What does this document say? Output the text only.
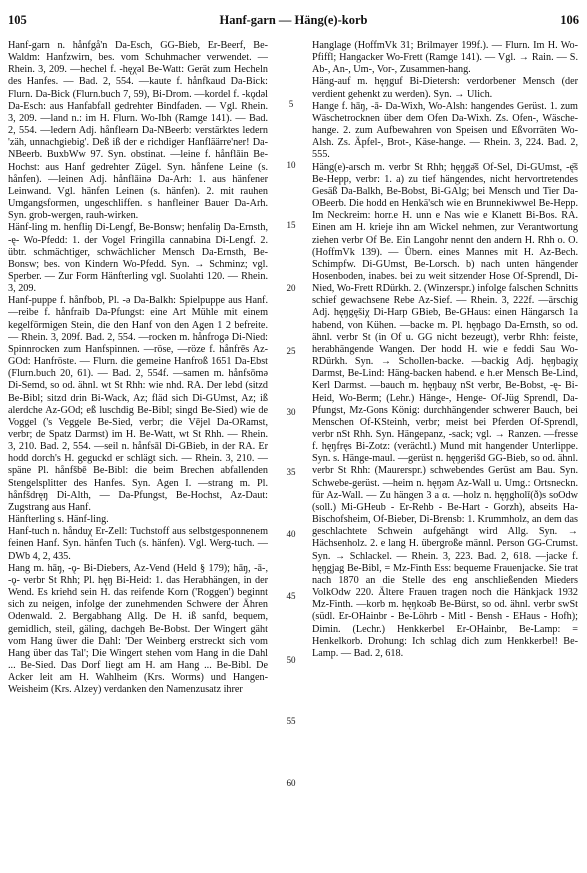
105	Hanf-garn — Häng(e)-korb	106

Hanf-garn n. hånfgå'n Da-Esch, GG-Bieb, Er-Beerf, Be-Waldm: Hanfzwirn, bes. vom Schuhmacher verwendet. — Rhein. 3, 209. —hechel f. -hęχəl Be-Watt: Gerät zum Hecheln des Hanfes. — Bad. 2, 554. —kaute f. hånfkaud Da-Bick: Flurn. Da-Bick (Flurn.buch 7, 59), Bi-Drom. —kordel f. -kǫdəl Da-Esch: aus Hanfabfall gedrehter Bindfaden. — Vgl. Rhein. 3, 209. —land n.: im H. Flurn. Wo-Ibh (Ramge 141). — Bad. 2, 554. —ledern Adj. hånfleərn Da-NBeerb: verstärktes ledern 'zäh, unnachgiebig'. Deß iß der e richdiger Hanfläärre'ner! Da-NBeerb. BuxbWw 97. Syn. obstinat. —leine f. hånflāin Be-Hochst: aus Hanf gedrehter Zügel. Syn. hånfene Leine (s. hånfen). —leinen Adj. hånflāinə Da-Arh: 1. aus hänfener Leinwand. Vgl. hänfen Leinen (s. hänfen). 2. mit rauhen Umgangsformen, ungeschliffen. s hanfleiner Bauer Da-Arh. Syn. grob-wergen, rauh-wirken.

Hänf-ling m. henfliŋ Di-Lengf, Be-Bonsw; henfəliŋ Da-Ernsth, -ę- Wo-Pfedd: 1. der Vogel Fringilla cannabina Di-Lengf. 2. übtr. schmächtiger, schwächlicher Mensch Da-Ernsth, Be-Bonsw; bes. von Kindern Wo-Pfedd. Syn. → Schminz; vgl. Sperber. — Zur Form Hänfterling vgl. Suolahti 120. — Rhein. 3, 209.

Hanf-puppe f. hånfbob, Pl. -ə Da-Balkh: Spielpuppe aus Hanf. —reibe f. hånfraib Da-Pfungst: eine Art Mühle mit einem kegelförmigen Stein, die den Hanf von den Agen 1 2 befreite. — Rhein. 3, 209f. Bad. 2, 554. —rocken m. hånfrogə Di-Nied: Spinnrocken zum Hanfspinnen. —röse, —röze f. hånfrēs Az-GOd: Hanfröste. — Flurn. die gemeine Hanfroß 1651 Da-Ebst (Flurn.buch 20, 61). — Bad. 2, 554f. —samen m. hånfsōmə Di-Semd, so od. ähnl. wt St Rhh: wie nhd. RA. Der lebd (sitzd Be-Bibl; sitzd drin Bi-Wack, Az; fläd sich Di-GUmst, Az; iß alerdche Az-GOd; eß luschdig Be-Bibl; singd Be-Sied) wie de Voggel ('s Veggele Be-Sied, verbr; die Vējel Da-ORamst, verbr; de Spatz Darmst) im H. Be-Watt, wt St Rhh. — Rhein. 3, 210. Bad. 2, 554. —seil n. hånfsāl Di-GBieb, in der RA. Er hodd dorch's H. geguckd er schlägt sich. — Rhein. 3, 210. —späne Pl. hånfšbē Be-Bibl: die beim Brechen abfallenden Stengelsplitter des Hanfes. Syn. Agen I. —strang m. Pl. hånfšdręŋ Di-Alth, — Da-Pfungst, Be-Hochst, Az-Daut: Zugstrang aus Hanf.

Hänfterling s. Hänf-ling.

Hanf-tuch n. hånduχ Er-Zell: Tuchstoff aus selbstgesponnenem feinen Hanf. Syn. hänfen Tuch (s. hänfen). Vgl. Werg-tuch. — DWb 4, 2, 435.

Hang m. hāŋ, -ǫ- Bi-Diebers, Az-Vend (Held § 179); hāŋ, -ā-, -ǫ- verbr St Rhh; Pl. hęŋ Bi-Heid: 1. das Herabhängen, in der Wend. Es kriehd sein H. das reifende Korn ('Roggen') beginnt sich zu neigen, infolge der zunehmenden Schwere der Ähren Odenwald. 2. Bergabhang Allg. De H. iß sanfd, bequem, gemidlich, steil, gäling, dachgeh Be-Bobst. Der Wingert gäht vom Hang üwer die Dahl: 'Der Weinberg erstreckt sich vom Hang über das Tal'; Die Wingert stehen vom Hang in die Dahl ... Be-Sied. Das Dorf liegt am H. am Hang ... Be-Bibl. De Acker leit am H. Wahlheim (Krs. Worms) und Hangen-Weisheim (Krs. Alzey) verdanken den Namenzusatz ihrer

5
10
15
20
25
30
35
40
45
50
55
60

Hanglage (HoffmVk 31; Brilmayer 199f.). — Flurn. Im H. Wo-Pfiffl; Hangacker Wo-Frett (Ramge 141). — Vgl. → Rain. — S. Ab-, An-, Um-, Vor-, Zusammen-hang.

Häng-auf m. hęŋguf Bi-Dietersh: verdorbener Mensch (der verdient gehenkt zu werden). Syn. → Ulich.

Hange f. hāŋ, -ā- Da-Wixh, Wo-Alsh: hangendes Gerüst. 1. zum Wäschetrocknen über dem Ofen Da-Wixh. Zs. Ofen-, Wäsche-hange. 2. zum Aufbewahren von Speisen und Eßvorräten Wo-Alsh. Zs. Äpfel-, Brot-, Käse-hange. — Rhein. 3, 224. Bad. 2, 555.

Häng(e)-arsch m. verbr St Rhh; hęŋgə̄š Of-Sel, Di-GUmst, -ę̄š Be-Hepp, verbr: 1. a) zu tief hängendes, nicht hervortretendes Gesäß Da-Balkh, Be-Bobst, Bi-GAlg; bei Mensch und Tier Da-OBeerb. Die hodd en Henkä'sch wie en Brunnekiwwel Be-Hepp. Im Neckreim: horr.e H. unn e Nas wie e Klanett Bi-Bos. RA. Einen am H. krieje ihn am Wickel nehmen, zur Verantwortung ziehen verbr Of Be. Ein Langohr nennt den andern H. Rhh o. O. (HoffmVk 139). — Übern. eines Mannes mit H. Az-Bech. Schimpfw. Di-GUmst, Be-Lorsch. b) nach unten hängender Hosenboden, inabes. bei zu weit sitzender Hose Of-Sprendl, Di-Nied, Wo-Frett RDürkh. 2. (Winzerspr.) infolge falschen Schnitts schief gewachsene Rebe Az-Sief. — Rhein. 3, 222f. —ärschig Adj. hęŋgęšiχ Di-Harp GBieb, Be-GHaus: einen Hängarsch 1a habend, von Kühen. —backe m. Pl. hęŋbago Da-Ernsth, so od. ähnl. verbr St (in Of u. GG nicht bezeugt), verbr Rhh: feiste, herabhängende Wangen. Der hodd H. wie e feddi Sau Wo-RDürkh. Syn. → Schollen-backe. —backig Adj. hęŋbagiχ Darmst, Be-Lind: Häng-backen habend. e h.er Mensch Be-Lind, Kerl Darmst. —bauch m. hęŋbauχ nSt verbr, Be-Bobst, -ę- Bi-Heid, Wo-Berm; (Lehr.) Hänge-, Henge- Of-Jüg Sprendl, Da-Pfungst, Mz-Gons König: durchhängender schwerer Bauch, bei Menschen Of-KSteinh, verbr; meist bei Pferden Of-Sprendl, verbr nSt Rhh. Syn. Hängepanz, -sack; vgl. → Ranzen. —fresse f. hęŋfręs Bi-Zotz: (verächtl.) Mund mit hangender Unterlippe. Syn. s. Hänge-maul. —gerüst n. hęŋgerišd GG-Bieb, so od. ähnl. verbr St Rhh: (Maurerspr.) schwebendes Gerüst am Bau. Syn. Schwebe-gerüst. —heim n. hęŋəm Az-Wall u. Umg.: Ortsneckn. für Az-Wall. — Zu hängen 3 a α. —holz n. hęŋgholǐ(ð)s soOdw (soll.) Mi-GHeub - Er-Rehb - Be-Hart - Gorzh), abseits Ha-Bischofsheim, Of-Bieber, Di-Brensb: 1. Krummholz, an dem das geschlachtete Schwein aufgehängt wird Allg. Syn. → Hächsenholz. 2. e lang H. übergroße männl. Person GG-Crumst. Syn. → Schlackel. — Rhein. 3, 223. Bad. 2, 618. —jacke f. hęŋgjag Be-Bibl, = Mz-Finth Ess: bequeme Frauenjacke. Sie trat nach 1870 an die Stelle des eng anschließenden Mieders VolkOdw 220. Ältere Frauen tragen noch die Hänkjack 1932 Mz-Finth. —korb m. hęŋkoə̄b Be-Bürst, so od. ähnl. verbr swSt (südl. Er-OHainbr - Be-Löhrb - Mitl - Bensh - EHaus - Hofh); Dimin. (Lechr.) Henkkerbel Er-OHainbr, Be-Lamp: = Henkelkorb. Drohung: Ich schlag dich zum Henkkerbel! Be-Lamp. — Bad. 2, 618.
